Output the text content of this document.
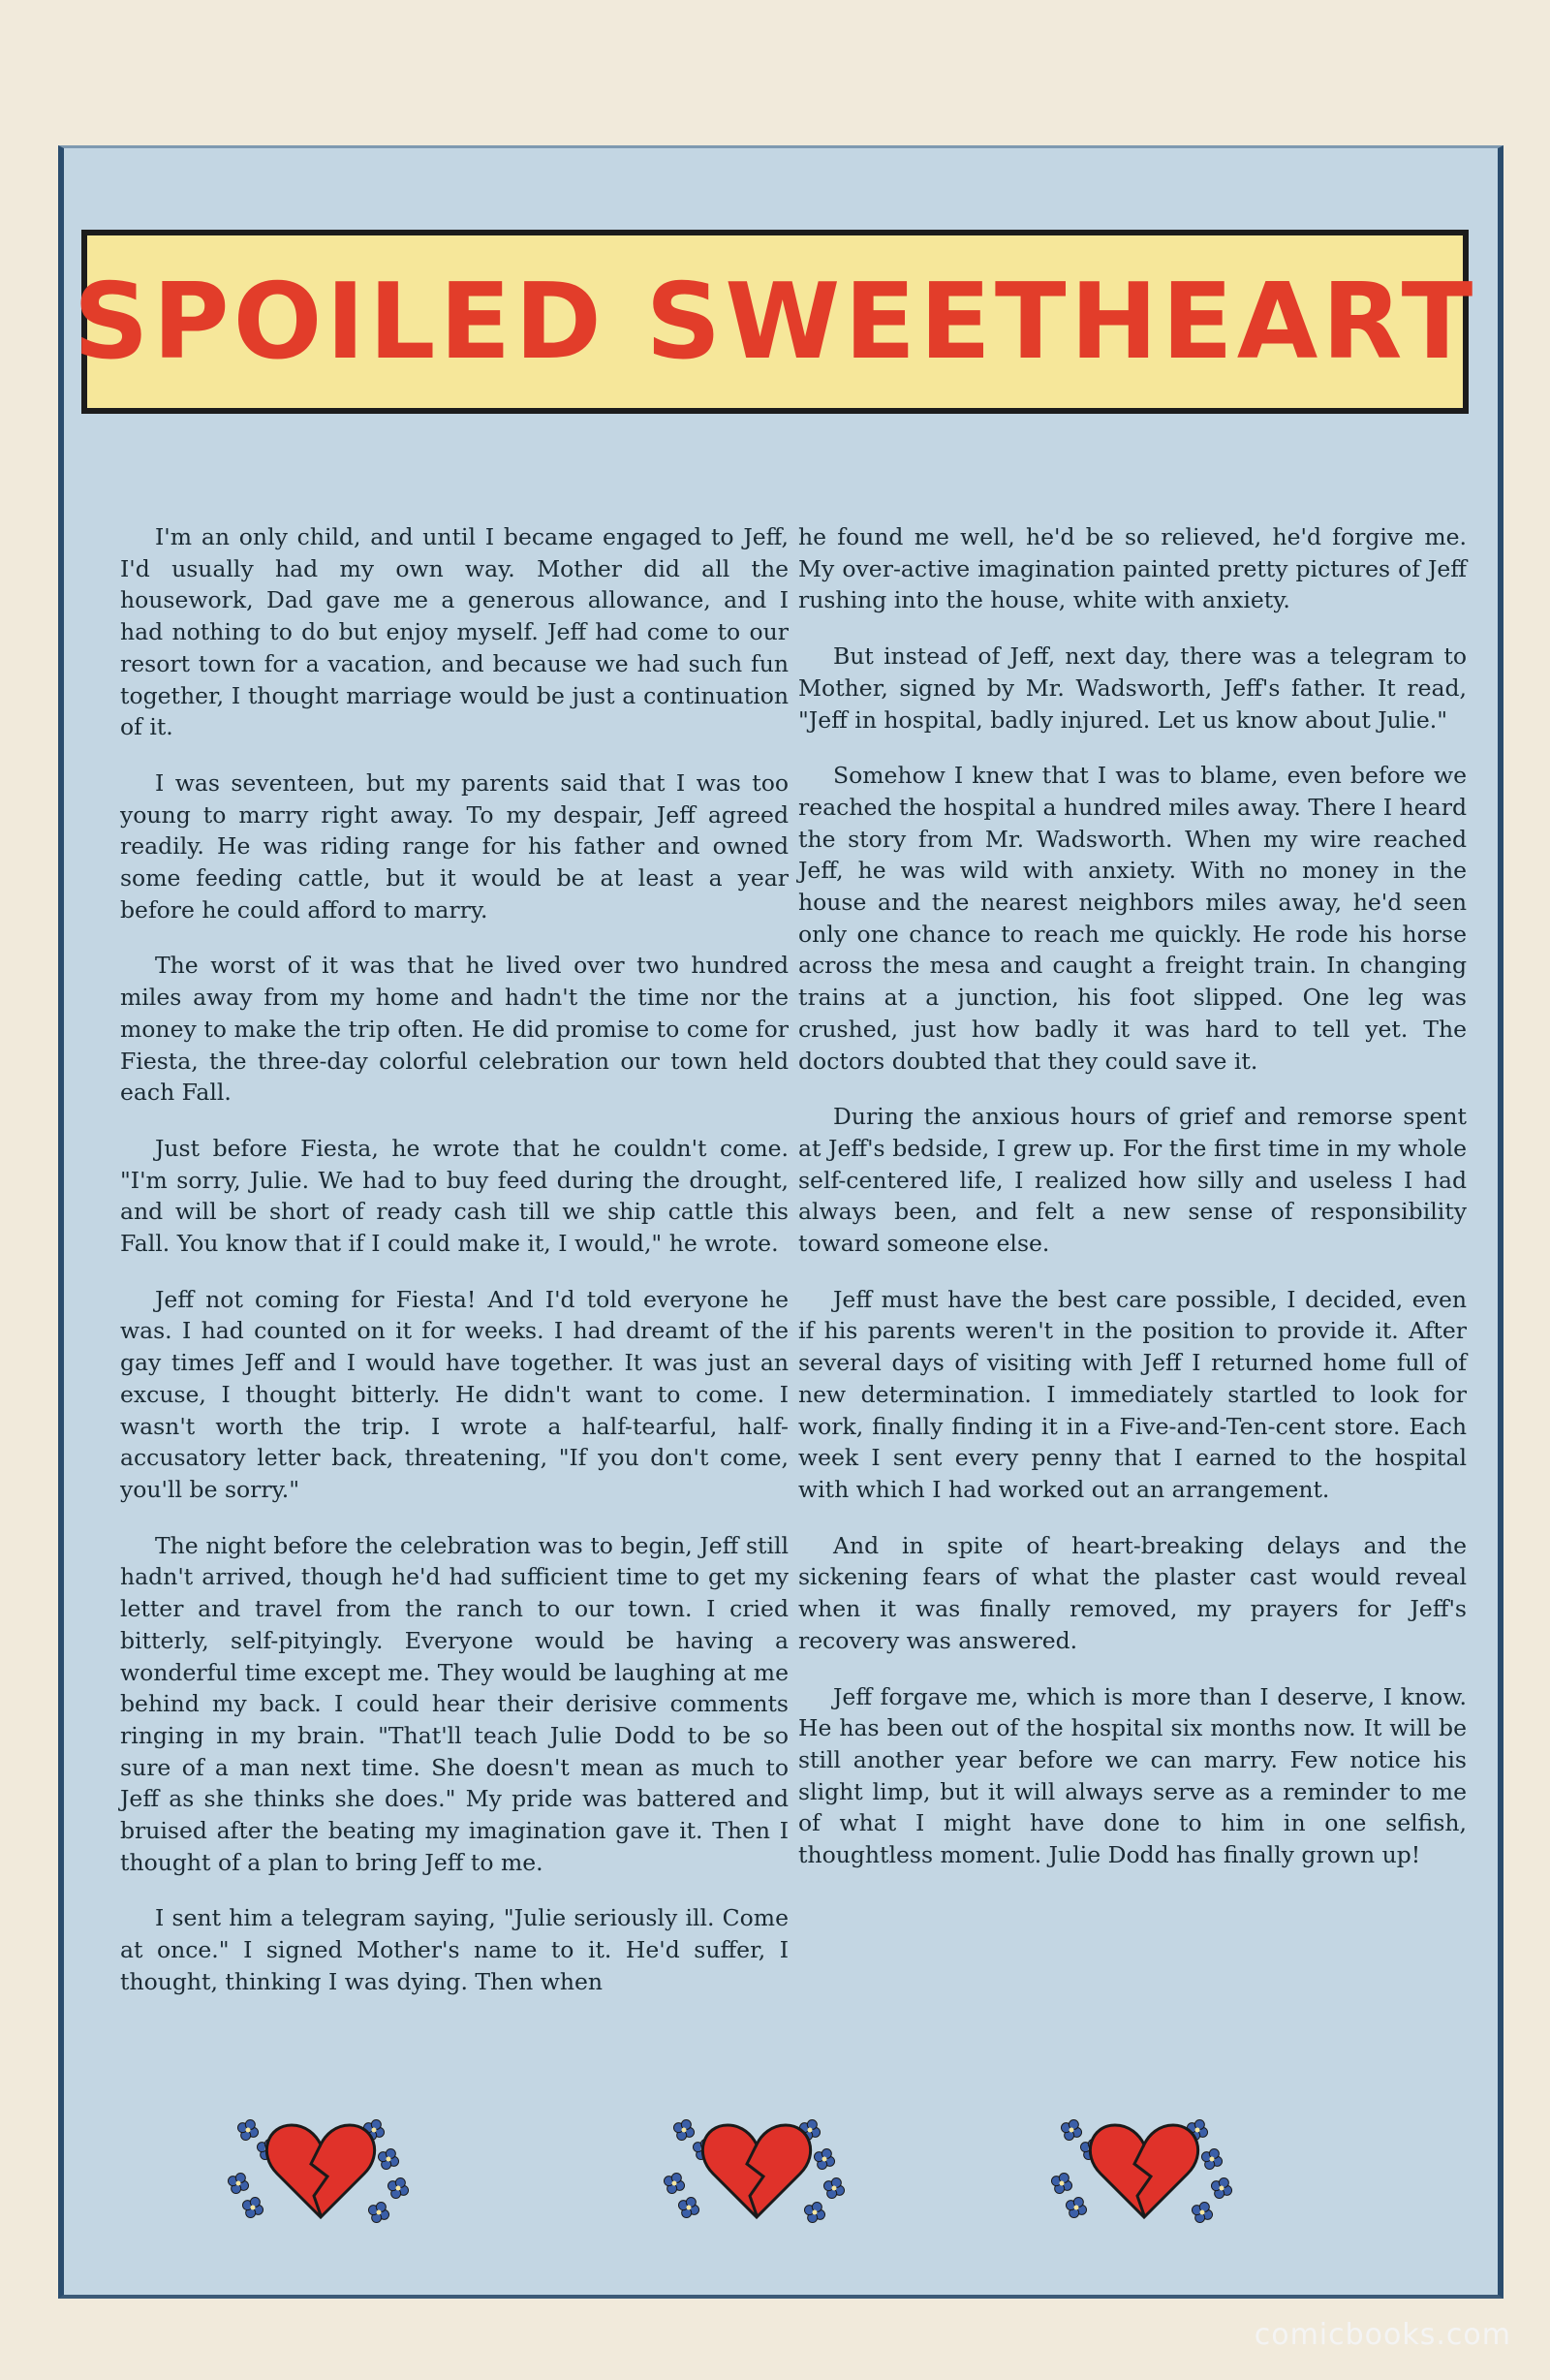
SPOILED SWEETHEART

I'm an only child, and until I became engaged to Jeff, I'd usually had my own way. Mother did all the housework, Dad gave me a generous allowance, and I had nothing to do but enjoy myself. Jeff had come to our resort town for a vacation, and because we had such fun together, I thought marriage would be just a continuation of it.

I was seventeen, but my parents said that I was too young to marry right away. To my despair, Jeff agreed readily. He was riding range for his father and owned some feeding cattle, but it would be at least a year before he could afford to marry.

The worst of it was that he lived over two hundred miles away from my home and hadn't the time nor the money to make the trip often. He did promise to come for Fiesta, the three-day colorful celebration our town held each Fall.

Just before Fiesta, he wrote that he couldn't come. "I'm sorry, Julie. We had to buy feed during the drought, and will be short of ready cash till we ship cattle this Fall. You know that if I could make it, I would," he wrote.

Jeff not coming for Fiesta! And I'd told everyone he was. I had counted on it for weeks. I had dreamt of the gay times Jeff and I would have together. It was just an excuse, I thought bitterly. He didn't want to come. I wasn't worth the trip. I wrote a half-tearful, half-accusatory letter back, threatening, "If you don't come, you'll be sorry."

The night before the celebration was to begin, Jeff still hadn't arrived, though he'd had sufficient time to get my letter and travel from the ranch to our town. I cried bitterly, self-pityingly. Everyone would be having a wonderful time except me. They would be laughing at me behind my back. I could hear their derisive comments ringing in my brain. "That'll teach Julie Dodd to be so sure of a man next time. She doesn't mean as much to Jeff as she thinks she does." My pride was battered and bruised after the beating my imagination gave it. Then I thought of a plan to bring Jeff to me.

I sent him a telegram saying, "Julie seriously ill. Come at once." I signed Mother's name to it. He'd suffer, I thought, thinking I was dying. Then when

he found me well, he'd be so relieved, he'd forgive me. My over-active imagination painted pretty pictures of Jeff rushing into the house, white with anxiety.

But instead of Jeff, next day, there was a telegram to Mother, signed by Mr. Wadsworth, Jeff's father. It read, "Jeff in hospital, badly injured. Let us know about Julie."

Somehow I knew that I was to blame, even before we reached the hospital a hundred miles away. There I heard the story from Mr. Wadsworth. When my wire reached Jeff, he was wild with anxiety. With no money in the house and the nearest neighbors miles away, he'd seen only one chance to reach me quickly. He rode his horse across the mesa and caught a freight train. In changing trains at a junction, his foot slipped. One leg was crushed, just how badly it was hard to tell yet. The doctors doubted that they could save it.

During the anxious hours of grief and remorse spent at Jeff's bedside, I grew up. For the first time in my whole self-centered life, I realized how silly and useless I had always been, and felt a new sense of responsibility toward someone else.

Jeff must have the best care possible, I decided, even if his parents weren't in the position to provide it. After several days of visiting with Jeff I returned home full of new determination. I immediately startled to look for work, finally finding it in a Five-and-Ten-cent store. Each week I sent every penny that I earned to the hospital with which I had worked out an arrangement.

And in spite of heart-breaking delays and the sickening fears of what the plaster cast would reveal when it was finally removed, my prayers for Jeff's recovery was answered.

Jeff forgave me, which is more than I deserve, I know. He has been out of the hospital six months now. It will be still another year before we can marry. Few notice his slight limp, but it will always serve as a reminder to me of what I might have done to him in one selfish, thoughtless moment. Julie Dodd has finally grown up!

comicbooks.com
